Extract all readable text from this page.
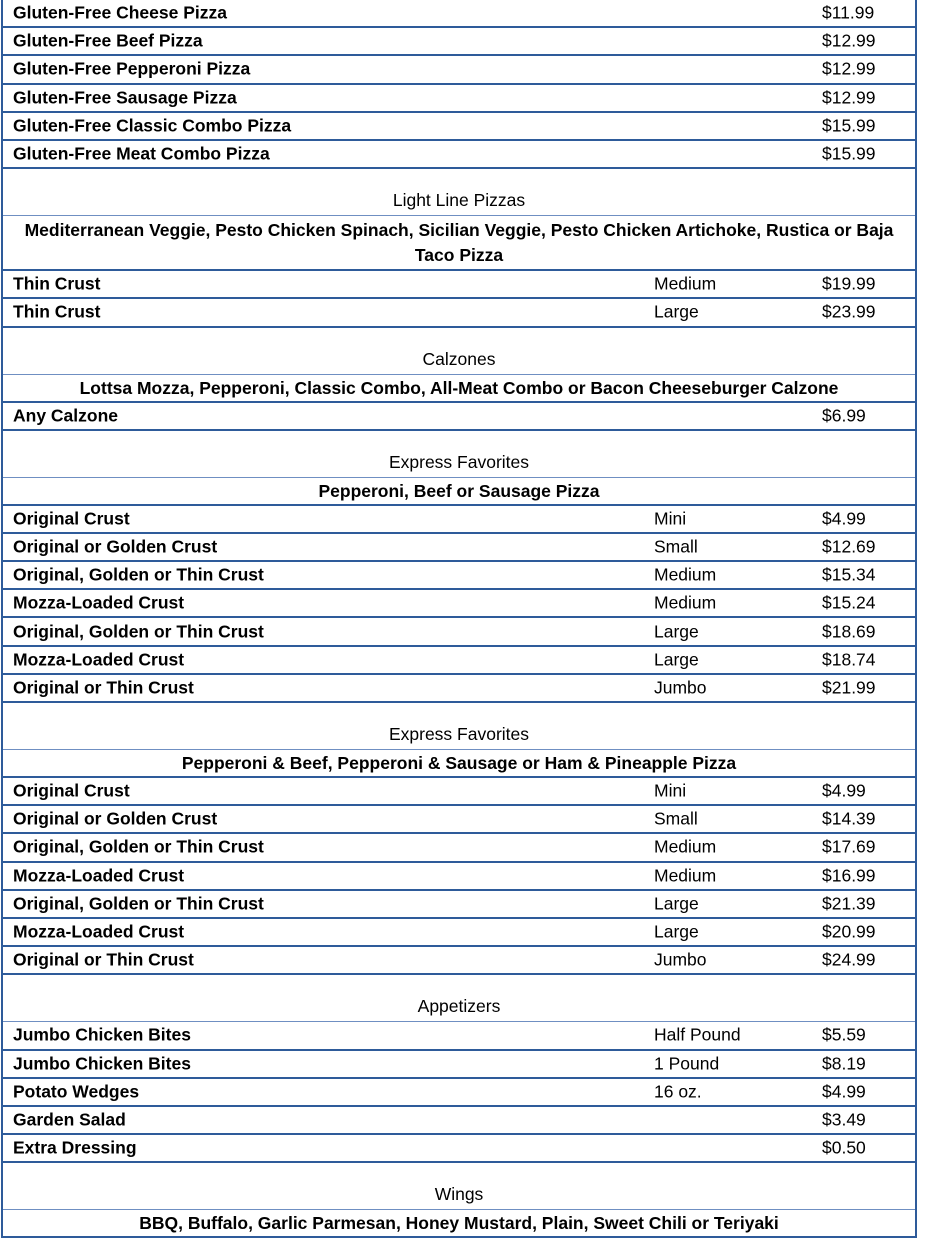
Gluten-Free Cheese Pizza	$11.99
Gluten-Free Beef Pizza	$12.99
Gluten-Free Pepperoni Pizza	$12.99
Gluten-Free Sausage Pizza	$12.99
Gluten-Free Classic Combo Pizza	$15.99
Gluten-Free Meat Combo Pizza	$15.99
Light Line Pizzas
Mediterranean Veggie, Pesto Chicken Spinach, Sicilian Veggie, Pesto Chicken Artichoke, Rustica or Baja Taco Pizza
Thin Crust	Medium	$19.99
Thin Crust	Large	$23.99
Calzones
Lottsa Mozza, Pepperoni, Classic Combo, All-Meat Combo or Bacon Cheeseburger Calzone
Any Calzone	$6.99
Express Favorites
Pepperoni, Beef or Sausage Pizza
Original Crust	Mini	$4.99
Original or Golden Crust	Small	$12.69
Original, Golden or Thin Crust	Medium	$15.34
Mozza-Loaded Crust	Medium	$15.24
Original, Golden or Thin Crust	Large	$18.69
Mozza-Loaded Crust	Large	$18.74
Original or Thin Crust	Jumbo	$21.99
Express Favorites
Pepperoni & Beef, Pepperoni & Sausage or Ham & Pineapple Pizza
Original Crust	Mini	$4.99
Original or Golden Crust	Small	$14.39
Original, Golden or Thin Crust	Medium	$17.69
Mozza-Loaded Crust	Medium	$16.99
Original, Golden or Thin Crust	Large	$21.39
Mozza-Loaded Crust	Large	$20.99
Original or Thin Crust	Jumbo	$24.99
Appetizers
Jumbo Chicken Bites	Half Pound	$5.59
Jumbo Chicken Bites	1 Pound	$8.19
Potato Wedges	16 oz.	$4.99
Garden Salad	$3.49
Extra Dressing	$0.50
Wings
BBQ, Buffalo, Garlic Parmesan, Honey Mustard, Plain, Sweet Chili or Teriyaki
